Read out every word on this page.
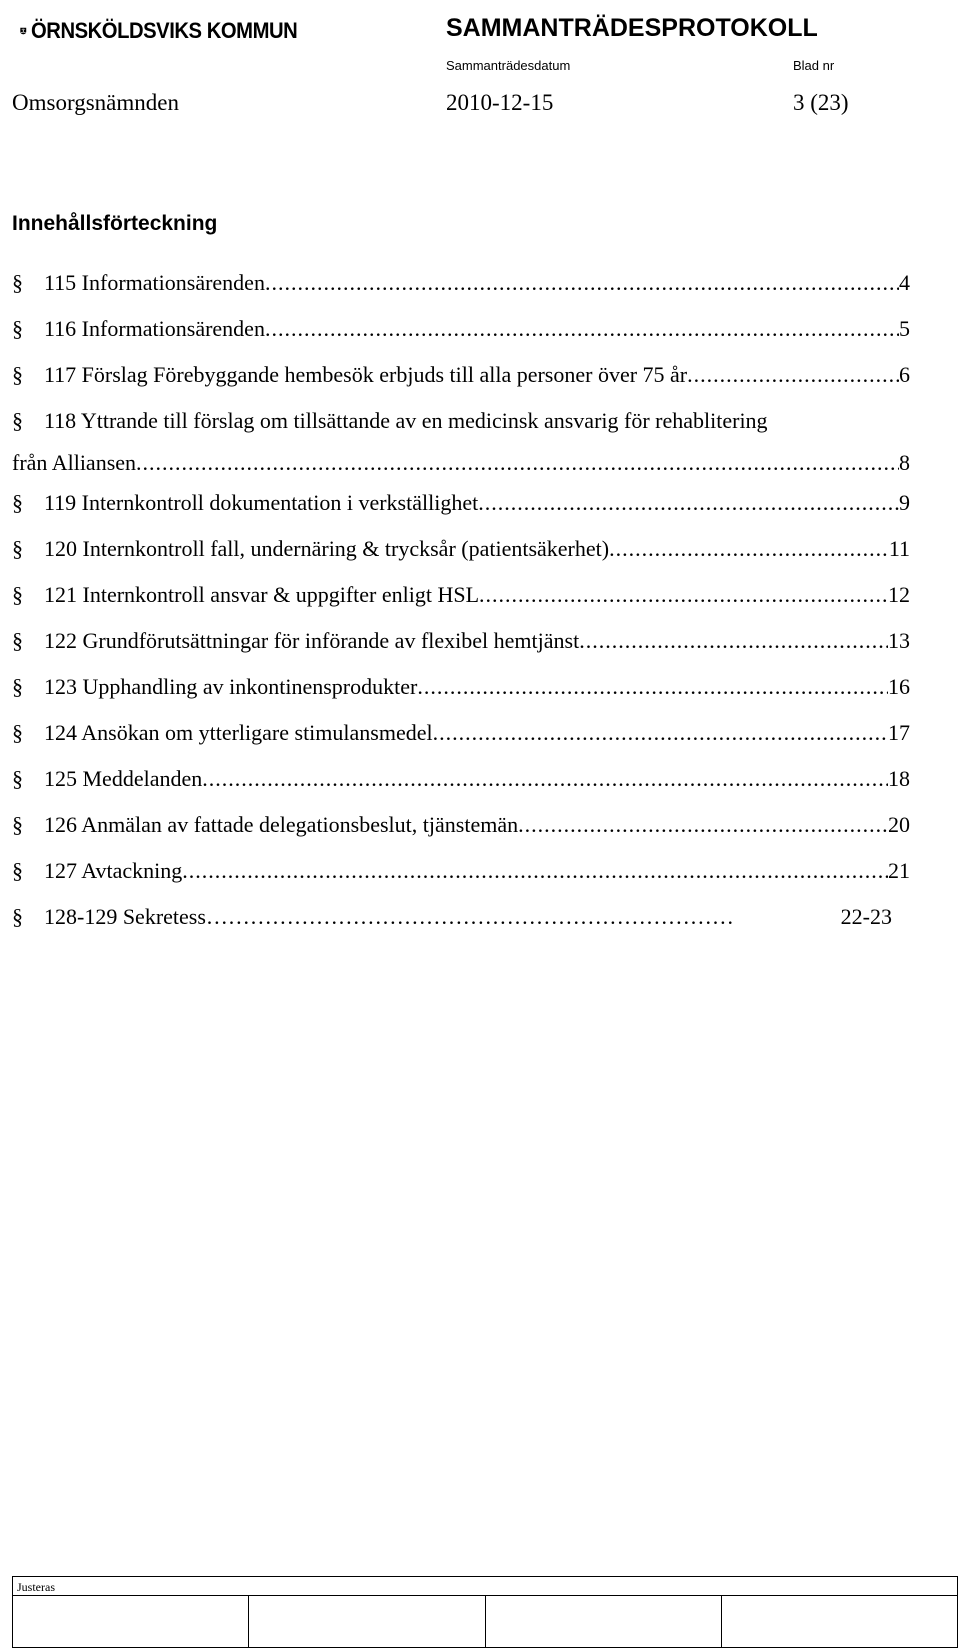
ÖRNSKÖLDSVIKS KOMMUN	SAMMANTRÄDESPROTOKOLL
Sammanträdesdatum	Blad nr
Omsorgsnämnden	2010-12-15	3 (23)
Innehållsförteckning
§ 115 Informationsärenden .....	4
§ 116 Informationsärenden .....	5
§ 117 Förslag Förebyggande hembesök erbjuds till alla personer över 75 år .....	6
§ 118 Yttrande till förslag om tillsättande av en medicinsk ansvarig för rehablitering
från Alliansen .....	8
§ 119 Internkontroll dokumentation i verkställighet .....	9
§ 120 Internkontroll fall, undernäring & trycksår (patientsäkerhet) .....	11
§ 121 Internkontroll ansvar & uppgifter enligt HSL .....	12
§ 122 Grundförutsättningar för införande av flexibel hemtjänst .....	13
§ 123 Upphandling av inkontinensprodukter .....	16
§ 124 Ansökan om ytterligare stimulansmedel .....	17
§ 125 Meddelanden .....	18
§ 126 Anmälan av fattade delegationsbeslut, tjänstemän .....	20
§ 127 Avtackning .....	21
§ 128-129 Sekretess ………………………………………………………………	22-23
Justeras
